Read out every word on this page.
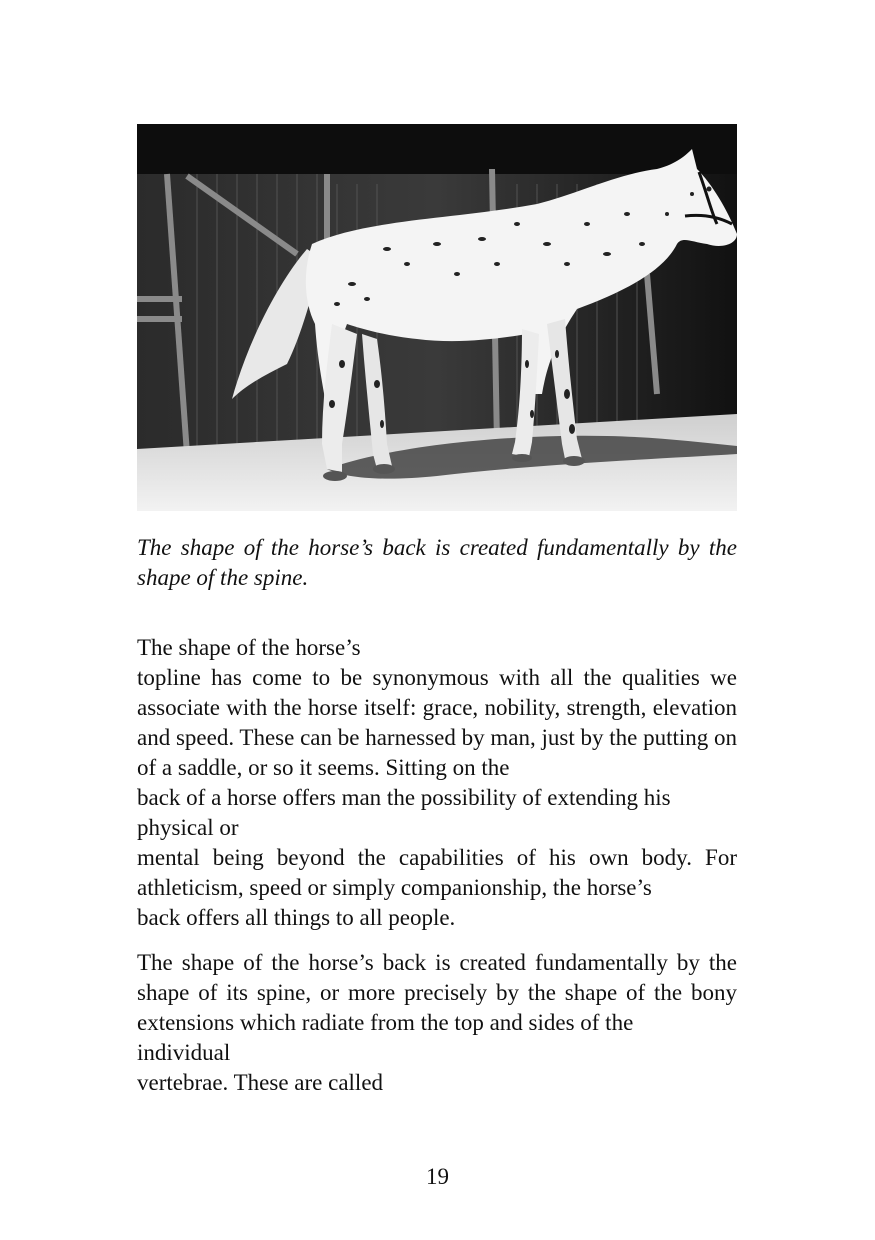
The shape of the horse’s back is created fundamentally by the shape of the spine.

The shape of the horse’s

topline has come to be synonymous with all the qualities we associate with the horse itself: grace, nobility, strength, elevation and speed. These can be harnessed by man, just by the putting on of a saddle, or so it seems. Sitting on the

back of a horse offers man the possibility of extending his

physical or

mental being beyond the capabilities of his own body. For athleticism, speed or simply companionship, the horse’s

back offers all things to all people.

The shape of the horse’s back is created fundamentally by the shape of its spine, or more precisely by the shape of the bony extensions which radiate from the top and sides of the

individual

vertebrae. These are called

19
